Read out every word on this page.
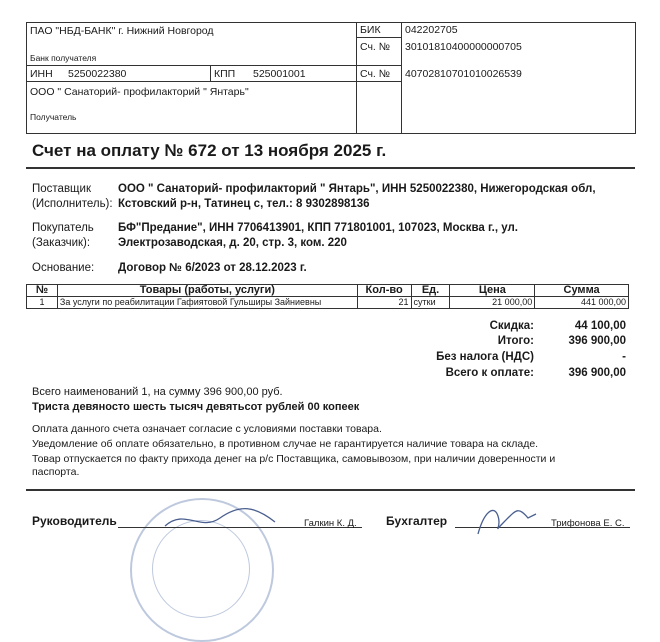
ПАО "НБД-БАНК" г. Нижний Новгород
Банк получателя
БИК 042202705
Сч. № 30101810400000000705
ИНН 5250022380	КПП 525001001	Сч. № 40702810701010026539
ООО " Санаторий- профилакторий " Янтарь"
Получатель
Счет на оплату № 672 от 13 ноября 2025 г.
Поставщик
(Исполнитель):
ООО " Санаторий- профилакторий " Янтарь", ИНН 5250022380, Нижегородская обл,
Кстовский р-н, Татинец с, тел.: 8 9302898136
Покупатель
(Заказчик):
БФ"Предание", ИНН 7706413901, КПП 771801001, 107023, Москва г., ул.
Электрозаводская, д. 20, стр. 3, ком. 220
Основание: Договор № 6/2023 от 28.12.2023 г.
№	Товары (работы, услуги)	Кол-во	Ед.	Цена	Сумма
1	За услуги по реабилитации Гафиятовой Гульширы Зайниевны	21	сутки	21 000,00	441 000,00
Скидка:	44 100,00
Итого:	396 900,00
Без налога (НДС)	-
Всего к оплате:	396 900,00
Всего наименований 1, на сумму 396 900,00 руб.
Триста девяносто шесть тысяч девятьсот рублей 00 копеек
Оплата данного счета означает согласие с условиями поставки товара.
Уведомление об оплате обязательно, в противном случае не гарантируется наличие товара на складе.
Товар отпускается по факту прихода денег на р/с Поставщика, самовывозом, при наличии доверенности и
паспорта.
Руководитель	Галкин К. Д. Бухгалтер	Трифонова Е. С.
